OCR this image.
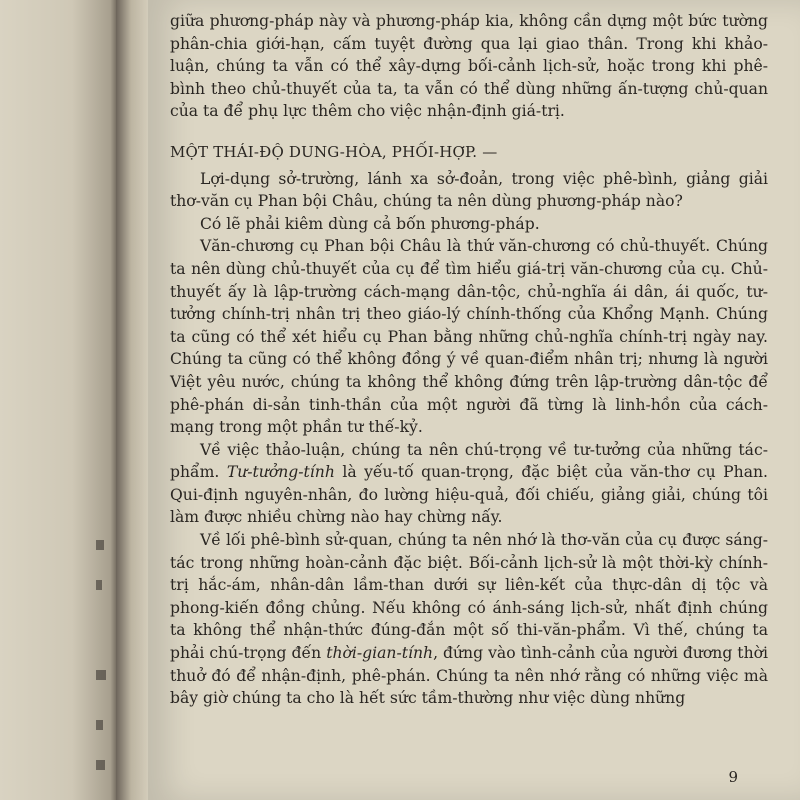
giữa phương-pháp này và phương-pháp kia, không cần dựng một bức tường phân-chia giới-hạn, cấm tuyệt đường qua lại giao thân. Trong khi khảo-luận, chúng ta vẫn có thể xây-dựng bối-cảnh lịch-sử, hoặc trong khi phê-bình theo chủ-thuyết của ta, ta vẫn có thể dùng những ấn-tượng chủ-quan của ta để phụ lực thêm cho việc nhận-định giá-trị.

MỘT THÁI-ĐỘ DUNG-HÒA, PHỐI-HỢP. —

Lợi-dụng sở-trường, lánh xa sở-đoản, trong việc phê-bình, giảng giải thơ-văn cụ Phan bội Châu, chúng ta nên dùng phương-pháp nào?

Có lẽ phải kiêm dùng cả bốn phương-pháp.

Văn-chương cụ Phan bội Châu là thứ văn-chương có chủ-thuyết. Chúng ta nên dùng chủ-thuyết của cụ để tìm hiểu giá-trị văn-chương của cụ. Chủ-thuyết ấy là lập-trường cách-mạng dân-tộc, chủ-nghĩa ái dân, ái quốc, tư-tưởng chính-trị nhân trị theo giáo-lý chính-thống của Khổng Mạnh. Chúng ta cũng có thể xét hiểu cụ Phan bằng những chủ-nghĩa chính-trị ngày nay. Chúng ta cũng có thể không đồng ý về quan-điểm nhân trị; nhưng là người Việt yêu nước, chúng ta không thể không đứng trên lập-trường dân-tộc để phê-phán di-sản tinh-thần của một người đã từng là linh-hồn của cách-mạng trong một phần tư thế-kỷ.

Về việc thảo-luận, chúng ta nên chú-trọng về tư-tưởng của những tác-phẩm. Tư-tưởng-tính là yếu-tố quan-trọng, đặc biệt của văn-thơ cụ Phan. Qui-định nguyên-nhân, đo lường hiệu-quả, đối chiếu, giảng giải, chúng tôi làm được nhiều chừng nào hay chừng nấy.

Về lối phê-bình sử-quan, chúng ta nên nhớ là thơ-văn của cụ được sáng-tác trong những hoàn-cảnh đặc biệt. Bối-cảnh lịch-sử là một thời-kỳ chính-trị hắc-ám, nhân-dân lầm-than dưới sự liên-kết của thực-dân dị tộc và phong-kiến đồng chủng. Nếu không có ánh-sáng lịch-sử, nhất định chúng ta không thể nhận-thức đúng-đắn một số thi-văn-phẩm. Vì thế, chúng ta phải chú-trọng đến thời-gian-tính, đứng vào tình-cảnh của người đương thời thuở đó để nhận-định, phê-phán. Chúng ta nên nhớ rằng có những việc mà bây giờ chúng ta cho là hết sức tầm-thường như việc dùng những

9
